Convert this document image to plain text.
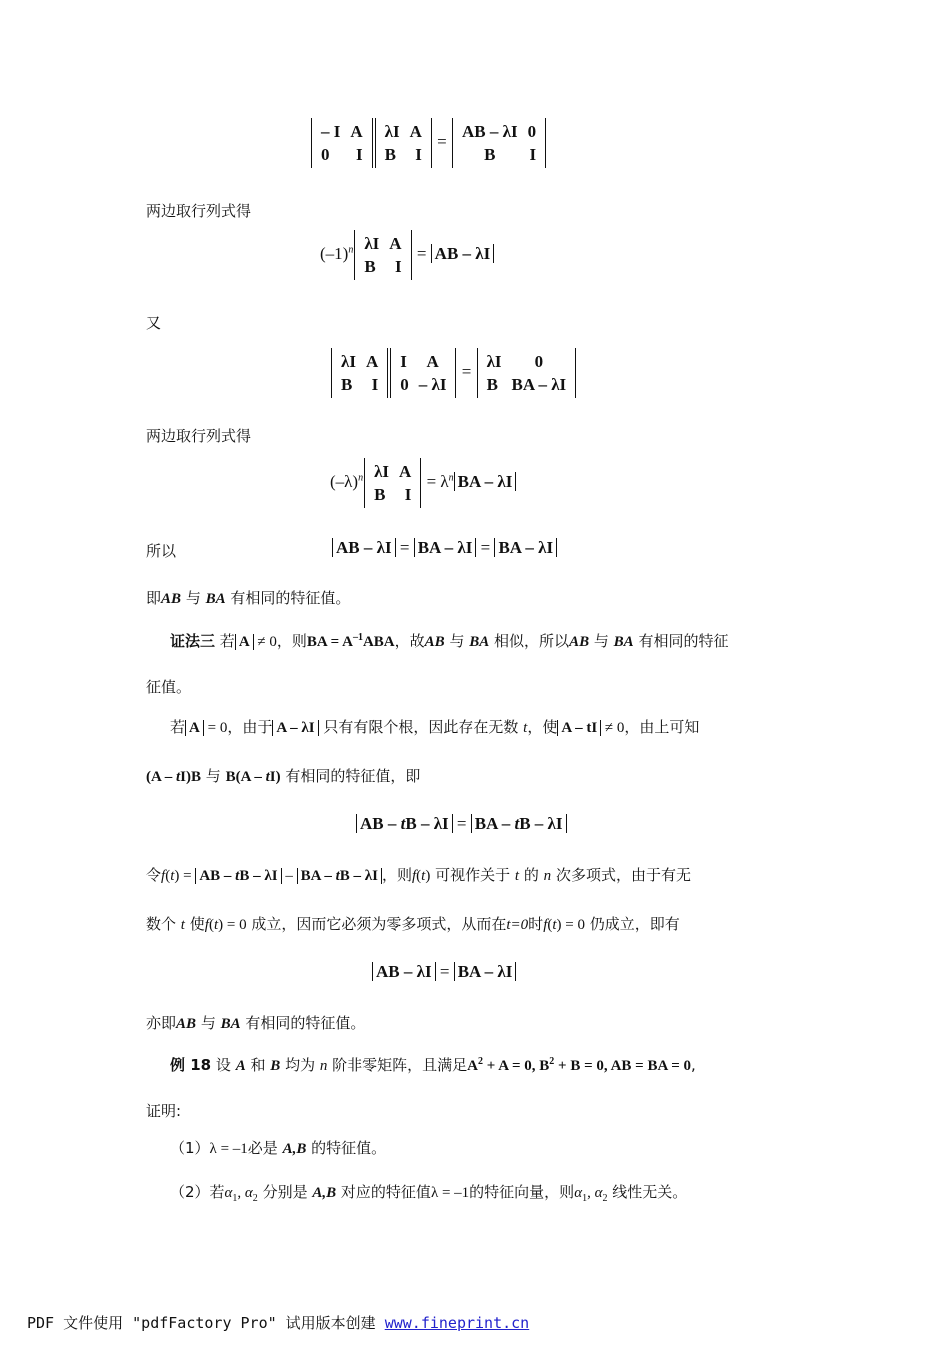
– I	A
0	I
λI	A
B	I
=
AB – λI	0
B	I
两边取行列式得
$(-1)^n$ λI	A
B	I
= AB – λI
又
λI	A
B	I
I	A
0	– λI
=
λI	0
B	BA – λI
两边取行列式得
$(-\lambda)^n$ λI	A
B	I
= $\lambda^n$ BA – λI
所以	AB – λI = BA – λI = BA – λI
即AB 与 BA 有相同的特征值。
证法三 若 A ≠ 0，则BA = $A^{-1}ABA$，故AB 与 BA 相似，所以AB 与 BA 有相同的特征
征值。
若 A = 0，由于 A – λI 只有有限个根，因此存在无数 t，使 A – tI ≠ 0，由上可知
(A – tI)B 与 B(A – tI) 有相同的特征值，即
AB – tB – λI = BA – tB – λI
令f(t) = AB – tB – λI – BA – tB – λI ，则f(t) 可视作关于 t 的 n 次多项式，由于有无
数个 t 使f(t) = 0 成立，因而它必须为零多项式，从而在t=0时f(t) = 0 仍成立，即有
AB – λI = BA – λI
亦即AB 与 BA 有相同的特征值。
例 18 设 A 和 B 均为 n 阶非零矩阵，且满足$A^2 + A = 0$, $B^2 + B = 0$, AB = BA = 0,
证明:
（1）λ = –1必是 A,B 的特征值。
（2）若$\alpha_1$, $\alpha_2$ 分别是 A,B 对应的特征值λ = –1的特征向量，则$\alpha_1$, $\alpha_2$ 线性无关。
PDF 文件使用 "pdfFactory Pro" 试用版本创建 www.fineprint.cn
